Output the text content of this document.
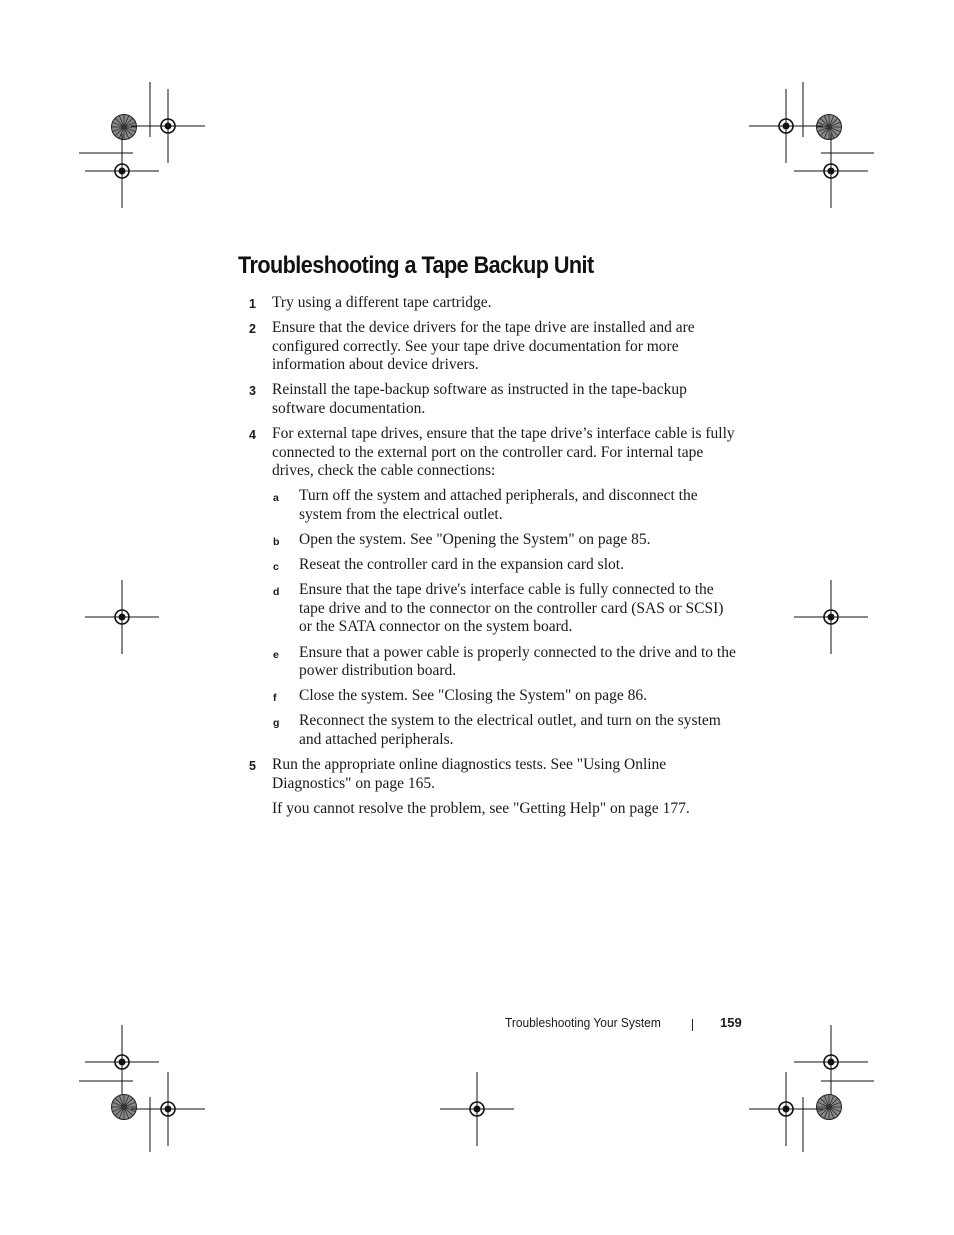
Troubleshooting a Tape Backup Unit
1 Try using a different tape cartridge.
2 Ensure that the device drivers for the tape drive are installed and are configured correctly. See your tape drive documentation for more information about device drivers.
3 Reinstall the tape-backup software as instructed in the tape-backup software documentation.
4 For external tape drives, ensure that the tape drive’s interface cable is fully connected to the external port on the controller card. For internal tape drives, check the cable connections:
a Turn off the system and attached peripherals, and disconnect the system from the electrical outlet.
b Open the system. See "Opening the System" on page 85.
c Reseat the controller card in the expansion card slot.
d Ensure that the tape drive's interface cable is fully connected to the tape drive and to the connector on the controller card (SAS or SCSI) or the SATA connector on the system board.
e Ensure that a power cable is properly connected to the drive and to the power distribution board.
f Close the system. See "Closing the System" on page 86.
g Reconnect the system to the electrical outlet, and turn on the system and attached peripherals.
5 Run the appropriate online diagnostics tests. See "Using Online Diagnostics" on page 165.
If you cannot resolve the problem, see "Getting Help" on page 177.
Troubleshooting Your System	159
